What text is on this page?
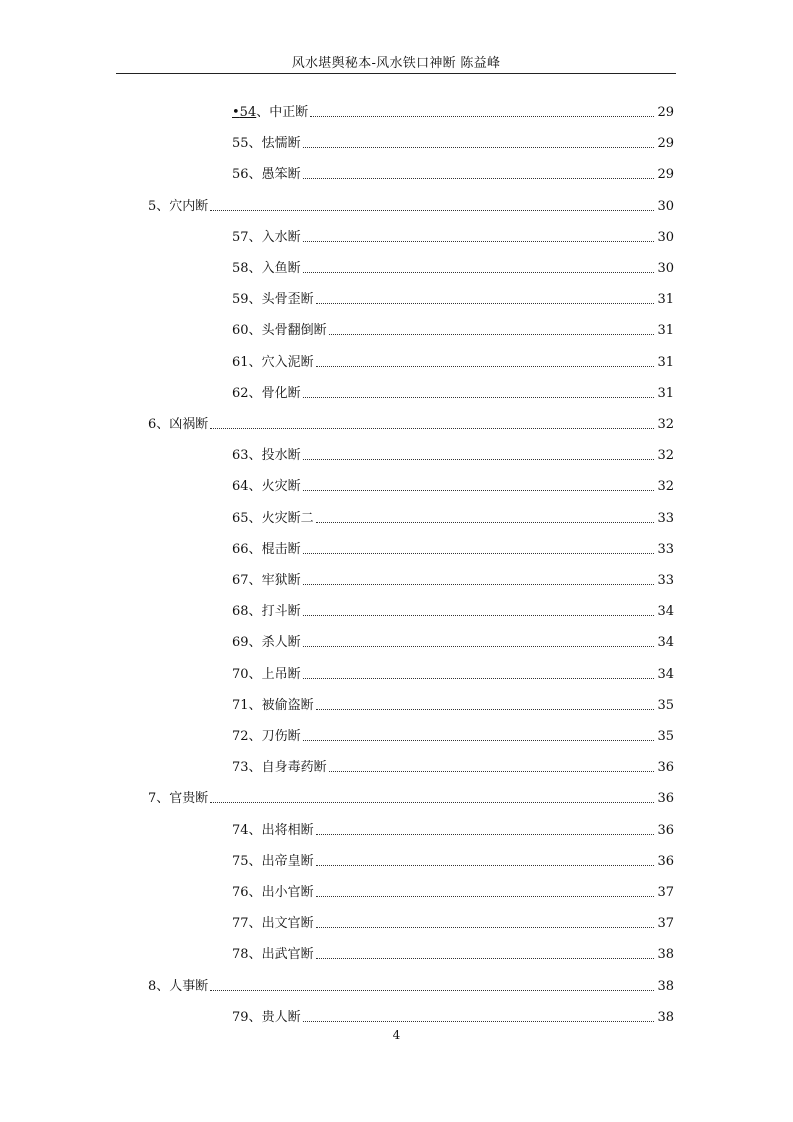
风水堪舆秘本-风水铁口神断 陈益峰
•54、中正断	29
55、怯懦断	29
56、愚笨断	29
5、穴内断	30
57、入水断	30
58、入鱼断	30
59、头骨歪断	31
60、头骨翻倒断	31
61、穴入泥断	31
62、骨化断	31
6、凶祸断	32
63、投水断	32
64、火灾断	32
65、火灾断二	33
66、棍击断	33
67、牢狱断	33
68、打斗断	34
69、杀人断	34
70、上吊断	34
71、被偷盗断	35
72、刀伤断	35
73、自身毒药断	36
7、官贵断	36
74、出将相断	36
75、出帝皇断	36
76、出小官断	37
77、出文官断	37
78、出武官断	38
8、人事断	38
79、贵人断	38
4
